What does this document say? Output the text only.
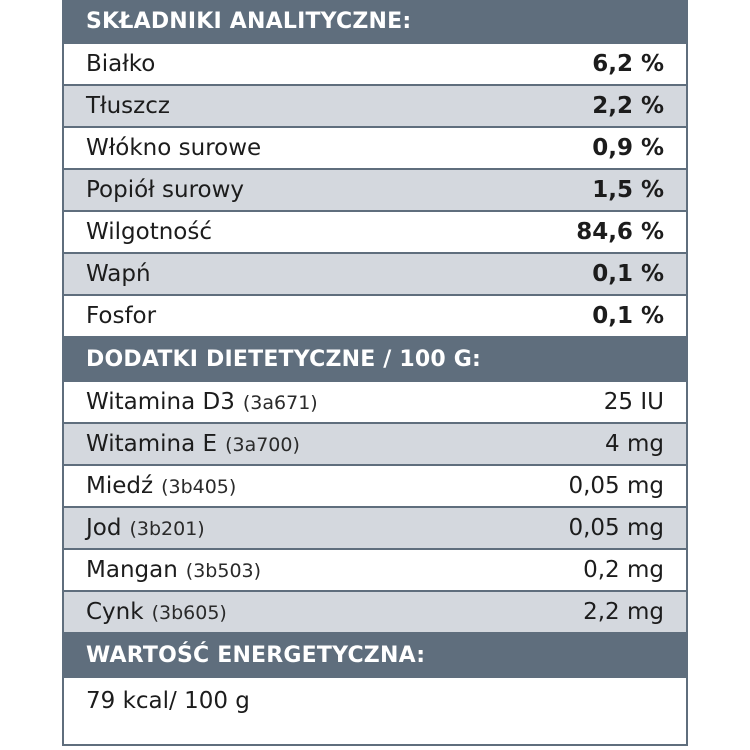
SKŁADNIKI ANALITYCZNE:
Białko	6,2 %
Tłuszcz	2,2 %
Włókno surowe	0,9 %
Popiół surowy	1,5 %
Wilgotność	84,6 %
Wapń	0,1 %
Fosfor	0,1 %
DODATKI DIETETYCZNE / 100 G:
Witamina D3 (3a671)	25 IU
Witamina E (3a700)	4 mg
Miedź (3b405)	0,05 mg
Jod (3b201)	0,05 mg
Mangan (3b503)	0,2 mg
Cynk (3b605)	2,2 mg
WARTOŚĆ ENERGETYCZNA:
79 kcal/ 100 g
